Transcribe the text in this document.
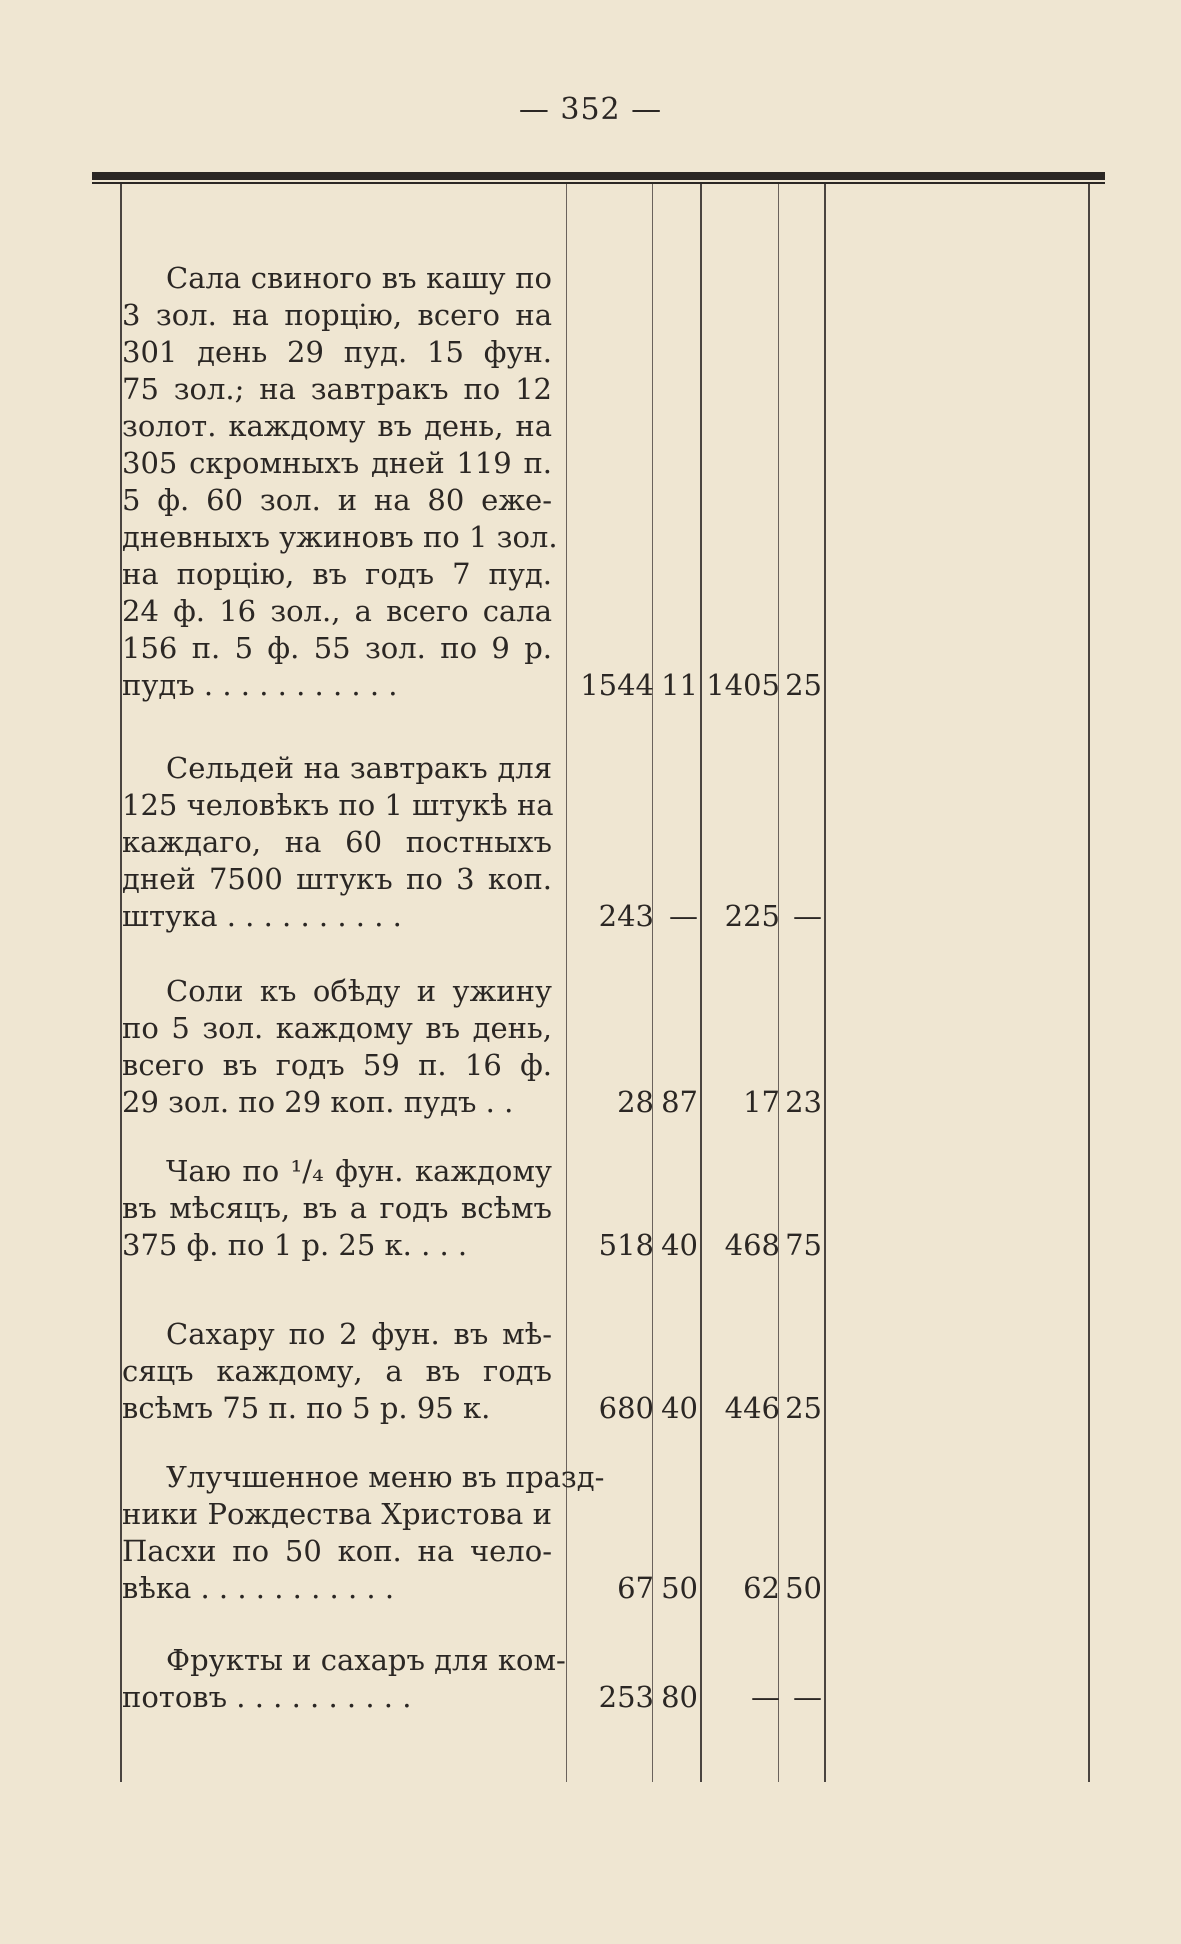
— 352 —
Сала свиного въ кашу по
3 зол. на порцію, всего на
301 день 29 пуд. 15 фун.
75 зол.; на завтракъ по 12
золот. каждому въ день, на
305 скромныхъ дней 119 п.
5 ф. 60 зол. и на 80 еже-
дневныхъ ужиновъ по 1 зол.
на порцію, въ годъ 7 пуд.
24 ф. 16 зол., а всего сала
156 п. 5 ф. 55 зол. по 9 р.
пудъ . . . . . . . . . . .	1544 11 1405 25
Сельдей на завтракъ для
125 человѣкъ по 1 штукѣ на
каждаго, на 60 постныхъ
дней 7500 штукъ по 3 коп.
штука . . . . . . . . . .	243 — 225 —
Соли къ обѣду и ужину
по 5 зол. каждому въ день,
всего въ годъ 59 п. 16 ф.
29 зол. по 29 коп. пудъ . .	28 87	17 23
Чаю по ¹/₄ фун. каждому
въ мѣсяцъ, въ а годъ всѣмъ
375 ф. по 1 р. 25 к. . . .	518 40 468 75
Сахару по 2 фун. въ мѣ-
сяцъ каждому, а въ годъ
всѣмъ 75 п. по 5 р. 95 к.	680 40 446 25
Улучшенное меню въ празд-
ники Рождества Христова и
Пасхи по 50 коп. на чело-
вѣка . . . . . . . . . . .	67 50	62 50
Фрукты и сахаръ для ком-
потовъ . . . . . . . . . .	253 80	— —
